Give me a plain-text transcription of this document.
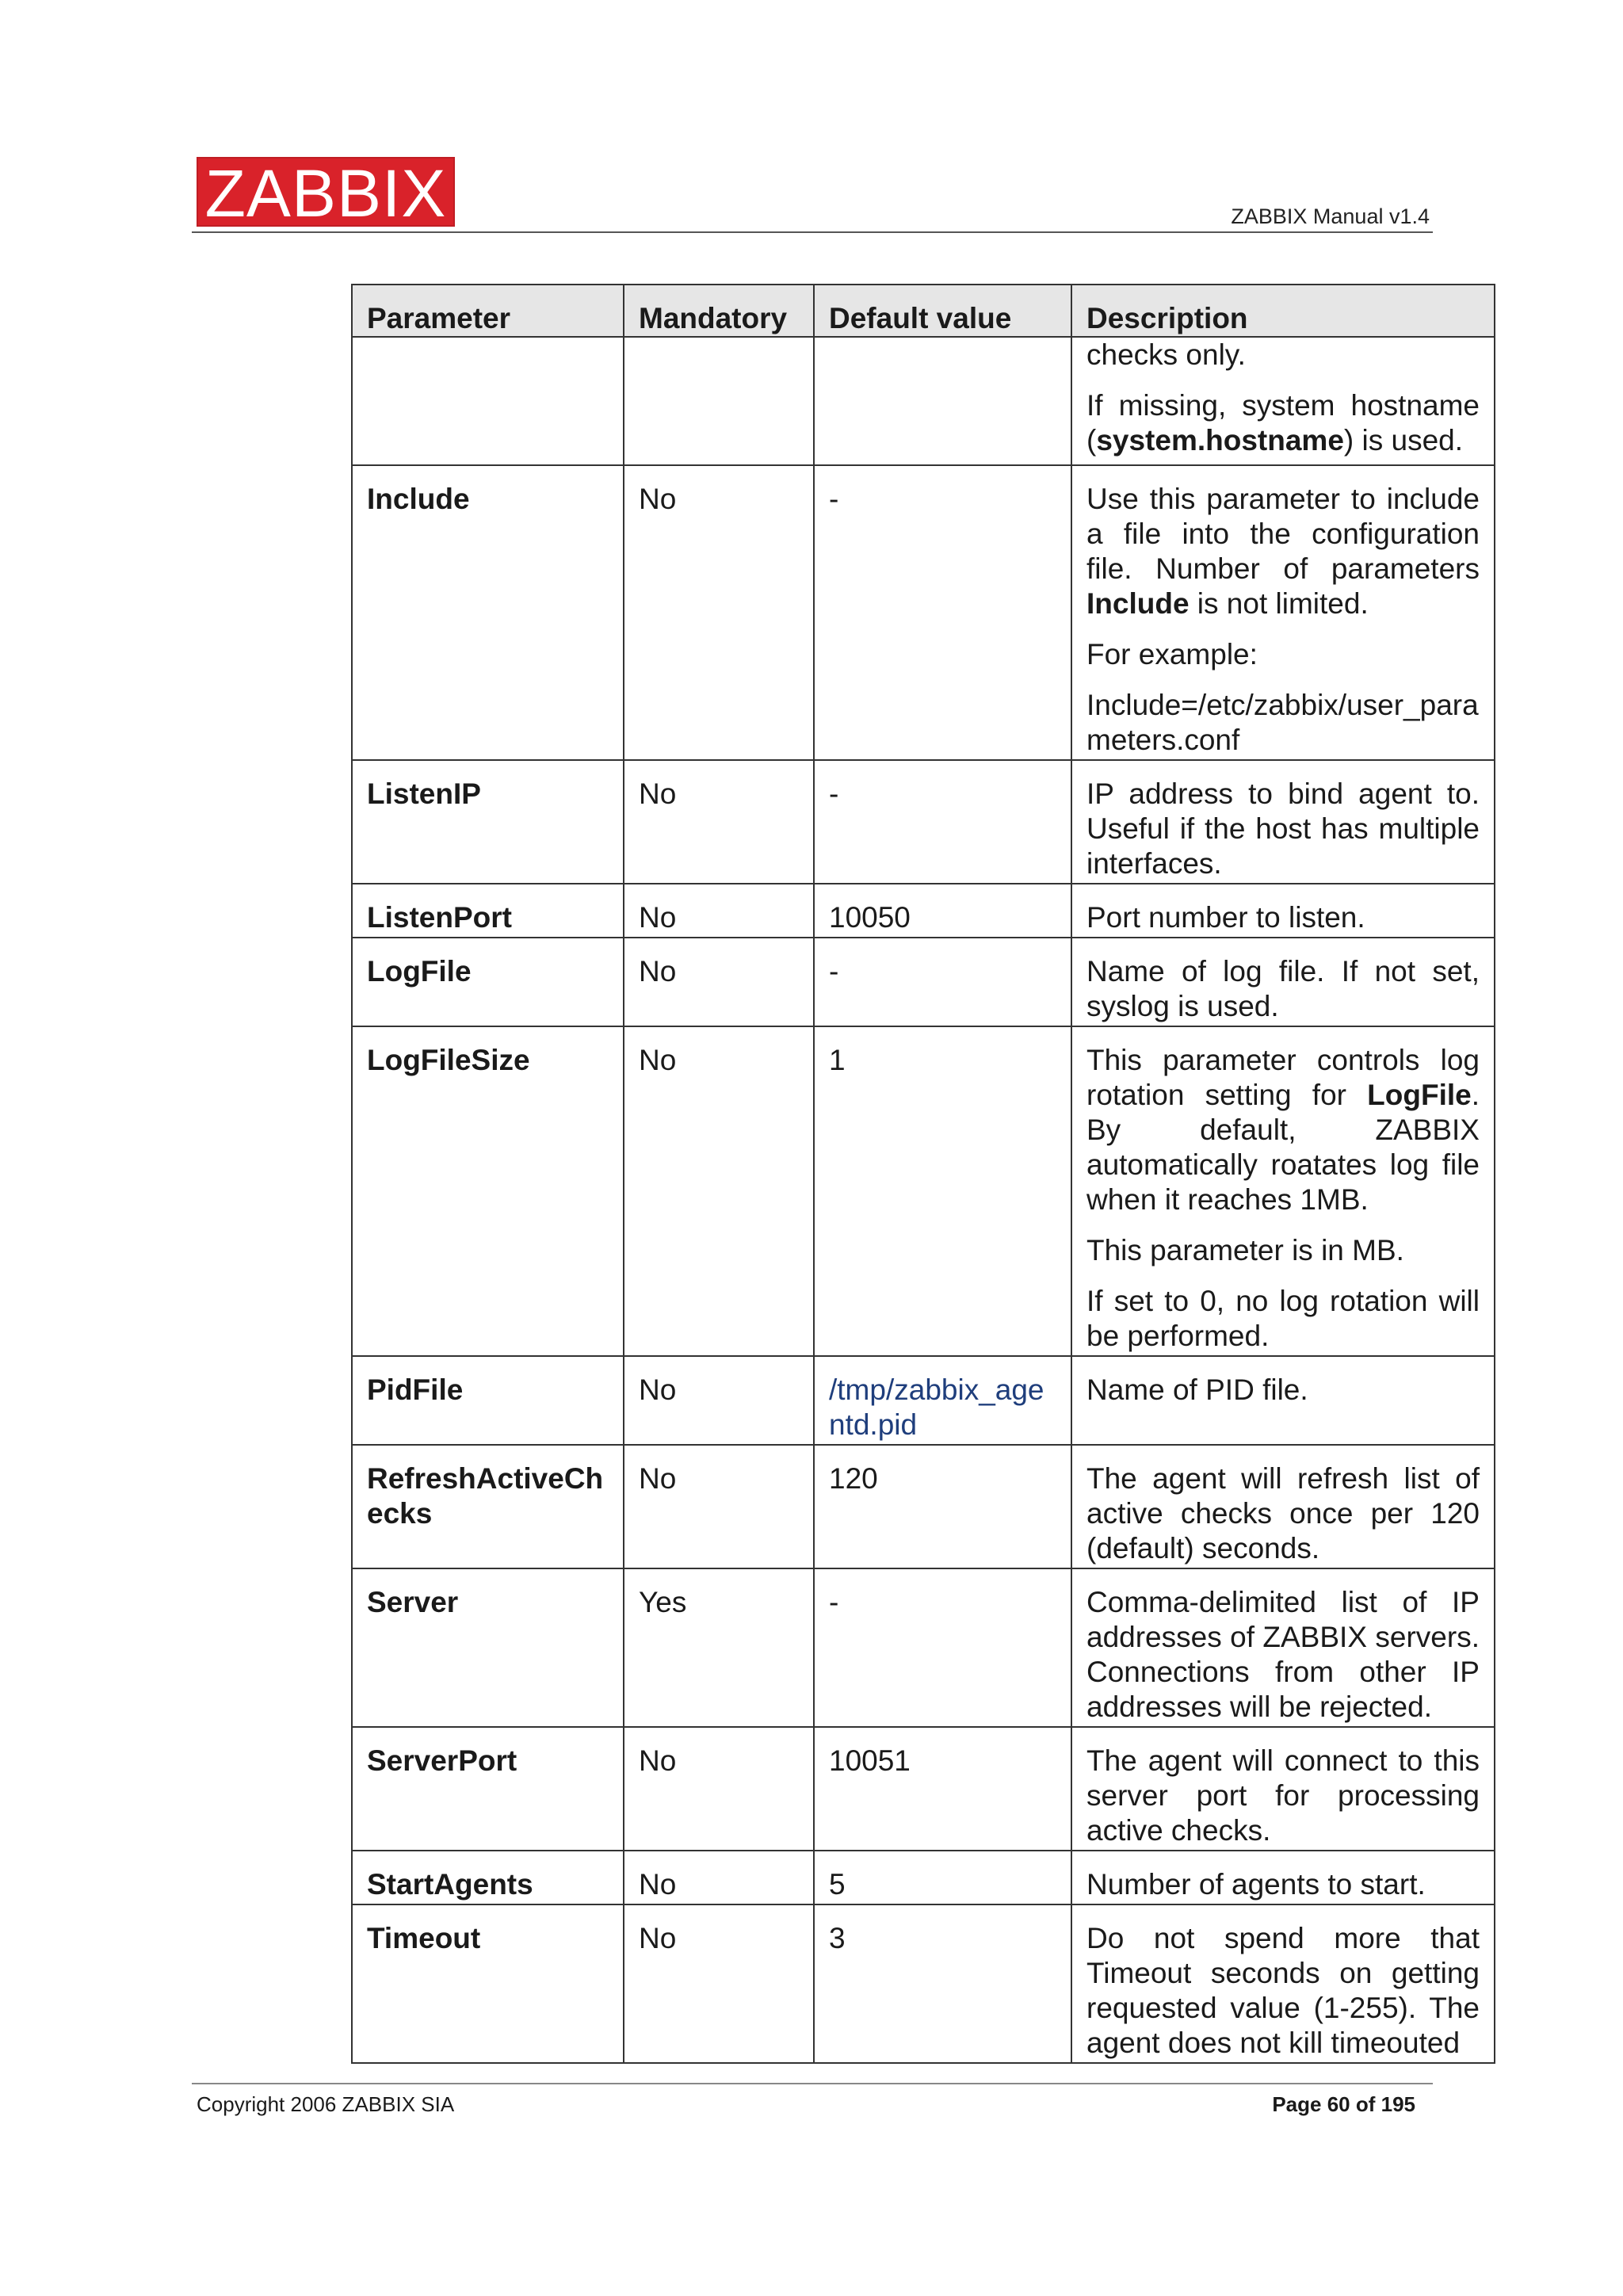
ZABBIX	ZABBIX Manual v1.4
Parameter	Mandatory	Default value	Description

			checks only.

If missing, system hostname (system.hostname) is used.

Include	No	-	Use this parameter to include a file into the configuration file. Number of parameters Include is not limited.

For example:

Include=/etc/zabbix/user_parameters.conf

ListenIP	No	-	IP address to bind agent to. Useful if the host has multiple interfaces.
ListenPort	No	10050	Port number to listen.
LogFile	No	-	Name of log file. If not set, syslog is used.
LogFileSize	No	1	This parameter controls log rotation setting for LogFile. By default, ZABBIX automatically roatates log file when it reaches 1MB.

This parameter is in MB.

If set to 0, no log rotation will be performed.

PidFile	No	/tmp/zabbix_agentd.pid	Name of PID file.
RefreshActiveChecks	No	120	The agent will refresh list of active checks once per 120 (default) seconds.
Server	Yes	-	Comma-delimited list of IP addresses of ZABBIX servers. Connections from other IP addresses will be rejected.
ServerPort	No	10051	The agent will connect to this server port for processing active checks.
StartAgents	No	5	Number of agents to start.
Timeout	No	3	Do not spend more that Timeout seconds on getting requested value (1-255). The agent does not kill timeouted
Copyright 2006 ZABBIX SIA	Page 60 of 195
